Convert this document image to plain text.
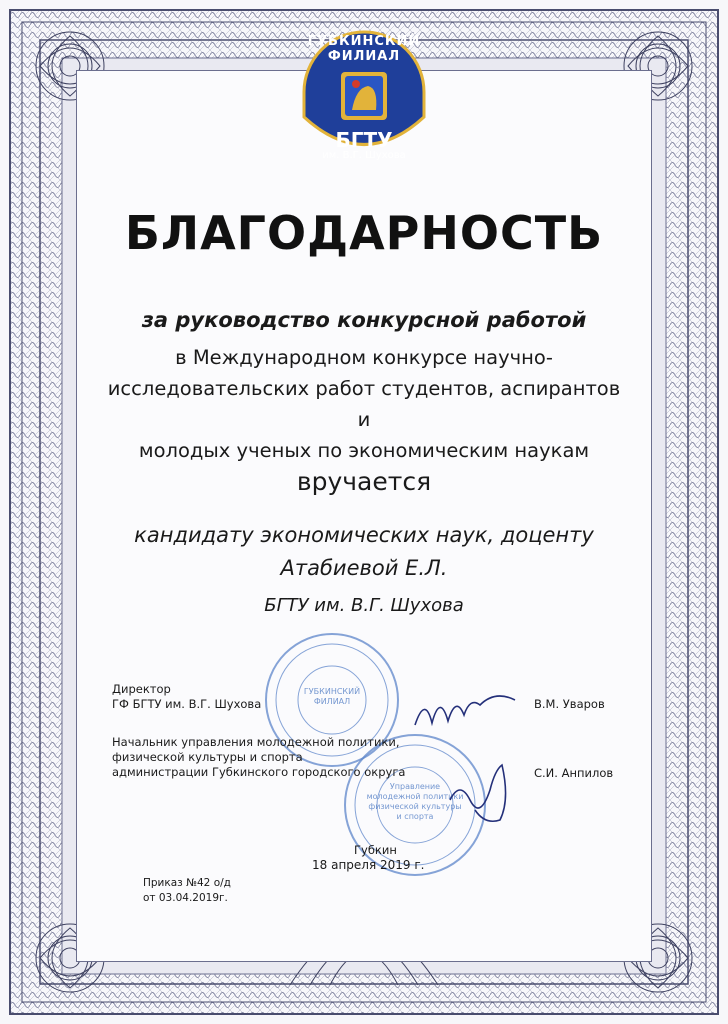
ГУБКИНСКИЙ ФИЛИАЛ
БГТУ
им. В.Г. Шухова
БЛАГОДАРНОСТЬ
за руководство конкурсной работой
в Международном конкурсе научно-
исследовательских работ студентов, аспирантов и
молодых ученых по экономическим наукам
вручается
кандидату экономических наук, доценту
Атабиевой Е.Л.
БГТУ им. В.Г. Шухова
ГУБКИНСКИЙ
ФИЛИАЛ
Управление
молодежной политики
физической культуры
и спорта
Директор
ГФ БГТУ им. В.Г. Шухова	В.М. Уваров
Начальник управления молодежной политики,
физической культуры и спорта
администрации Губкинского городского округа	С.И. Анпилов
Губкин
18 апреля 2019 г.
Приказ №42 о/д
от 03.04.2019г.
